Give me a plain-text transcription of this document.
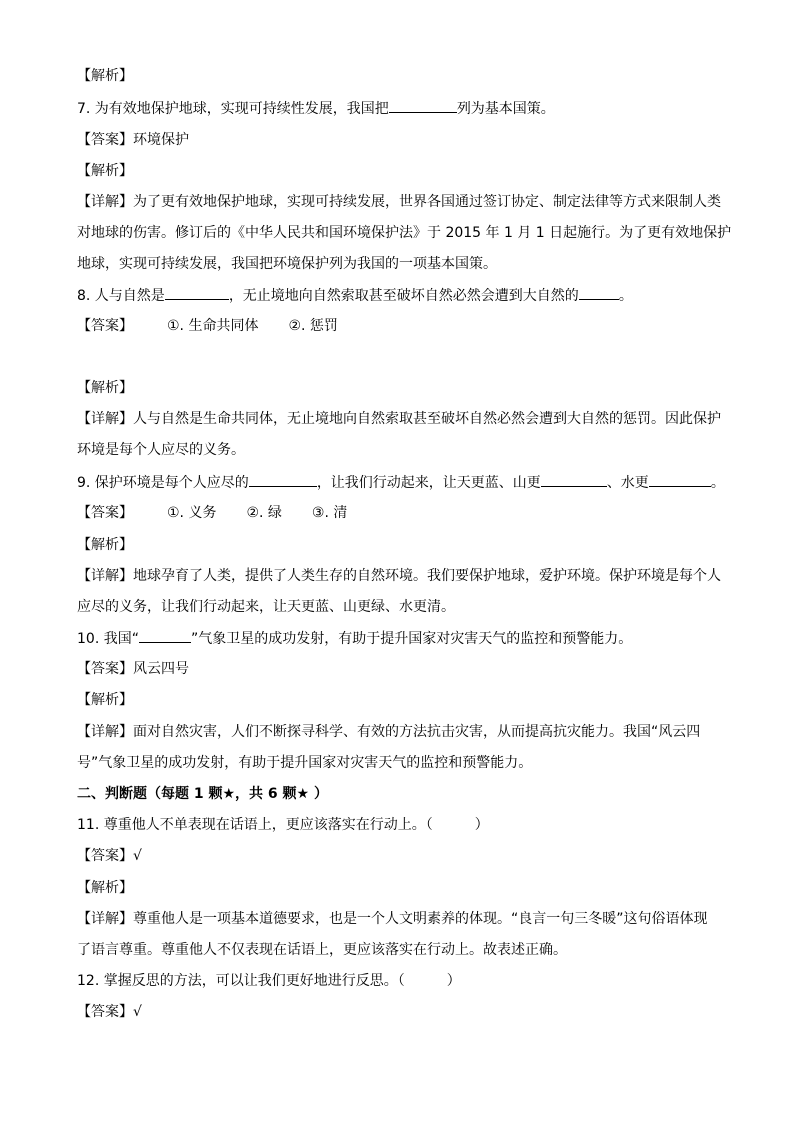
【解析】
7. 为有效地保护地球，实现可持续性发展，我国把	列为基本国策。
【答案】环境保护
【解析】
【详解】为了更有效地保护地球，实现可持续发展，世界各国通过签订协定、制定法律等方式来限制人类
对地球的伤害。修订后的《中华人民共和国环境保护法》于 2015 年 1 月 1 日起施行。为了更有效地保护
地球，实现可持续发展，我国把环境保护列为我国的一项基本国策。
8. 人与自然是	，无止境地向自然索取甚至破坏自然必然会遭到大自然的	。
【答案】 ①. 生命共同体 ②. 惩罚
【解析】
【详解】人与自然是生命共同体，无止境地向自然索取甚至破坏自然必然会遭到大自然的惩罚。因此保护
环境是每个人应尽的义务。
9. 保护环境是每个人应尽的	，让我们行动起来，让天更蓝、山更	、水更	。
【答案】 ①. 义务 ②. 绿 ③. 清
【解析】
【详解】地球孕育了人类，提供了人类生存的自然环境。我们要保护地球，爱护环境。保护环境是每个人
应尽的义务，让我们行动起来，让天更蓝、山更绿、水更清。
10. 我国“	”气象卫星的成功发射，有助于提升国家对灾害天气的监控和预警能力。
【答案】风云四号
【解析】
【详解】面对自然灾害，人们不断探寻科学、有效的方法抗击灾害，从而提高抗灾能力。我国“风云四
号”气象卫星的成功发射，有助于提升国家对灾害天气的监控和预警能力。
二、判断题（每题 1 颗★，共 6 颗★ ）
11. 尊重他人不单表现在话语上，更应该落实在行动上。（　　　）
【答案】√
【解析】
【详解】尊重他人是一项基本道德要求，也是一个人文明素养的体现。“良言一句三冬暖”这句俗语体现
了语言尊重。尊重他人不仅表现在话语上，更应该落实在行动上。故表述正确。
12. 掌握反思的方法，可以让我们更好地进行反思。（　　　）
【答案】√
